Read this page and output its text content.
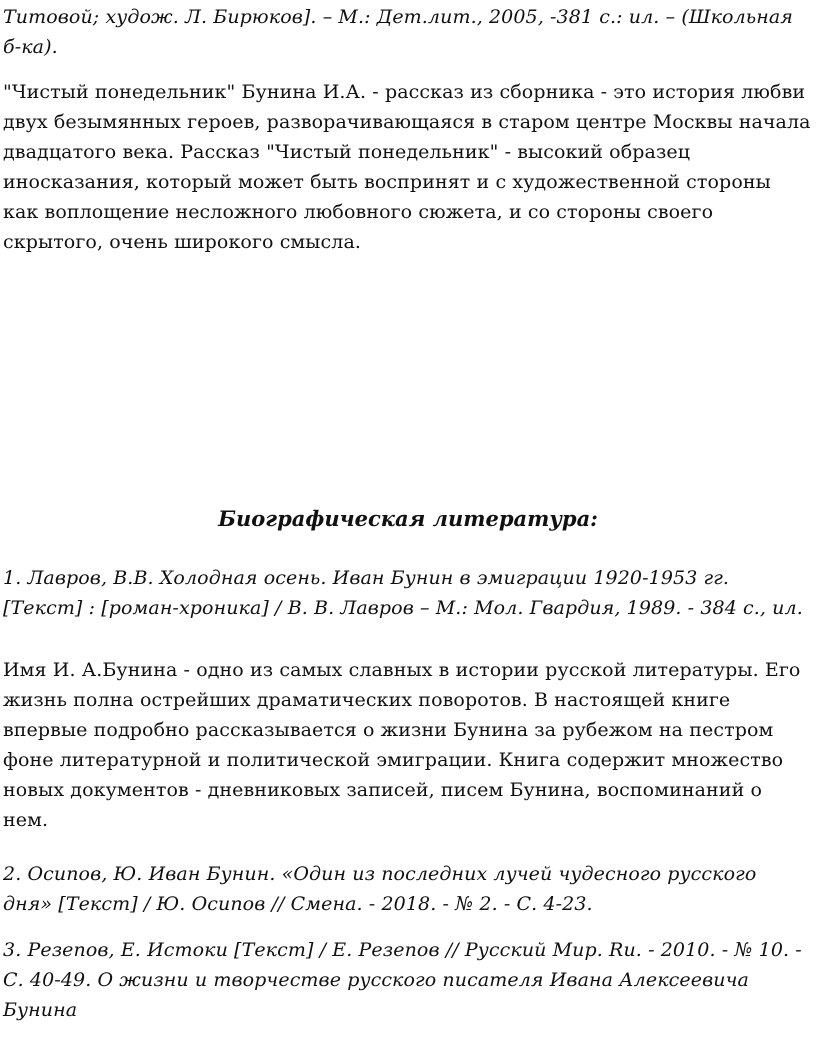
Титовой; худож. Л. Бирюков]. – М.: Дет.лит., 2005, -381 с.: ил. – (Школьная б-ка).

"Чистый понедельник" Бунина И.А. - рассказ из сборника - это история любви двух безымянных героев, разворачивающаяся в старом центре Москвы начала двадцатого века. Рассказ "Чистый понедельник" - высокий образец иносказания, который может быть воспринят и с художественной стороны как воплощение несложного любовного сюжета, и со стороны своего скрытого, очень широкого смысла.

Биографическая литература:

1. Лавров, В.В. Холодная осень. Иван Бунин в эмиграции 1920-1953 гг. [Текст] : [роман-хроника] / В. В. Лавров – М.: Мол. Гвардия, 1989. - 384 с., ил.

Имя И. А.Бунина - одно из самых славных в истории русской литературы. Его жизнь полна острейших драматических поворотов. В настоящей книге впервые подробно рассказывается о жизни Бунина за рубежом на пестром фоне литературной и политической эмиграции. Книга содержит множество новых документов - дневниковых записей, писем Бунина, воспоминаний о нем.

2. Осипов, Ю. Иван Бунин. «Один из последних лучей чудесного русского дня» [Текст] / Ю. Осипов // Смена. - 2018. - № 2. - С. 4-23.

3. Резепов, Е. Истоки [Текст] / Е. Резепов // Русский Мир. Ru. - 2010. - № 10. - С. 40-49. О жизни и творчестве русского писателя Ивана Алексеевича Бунина
